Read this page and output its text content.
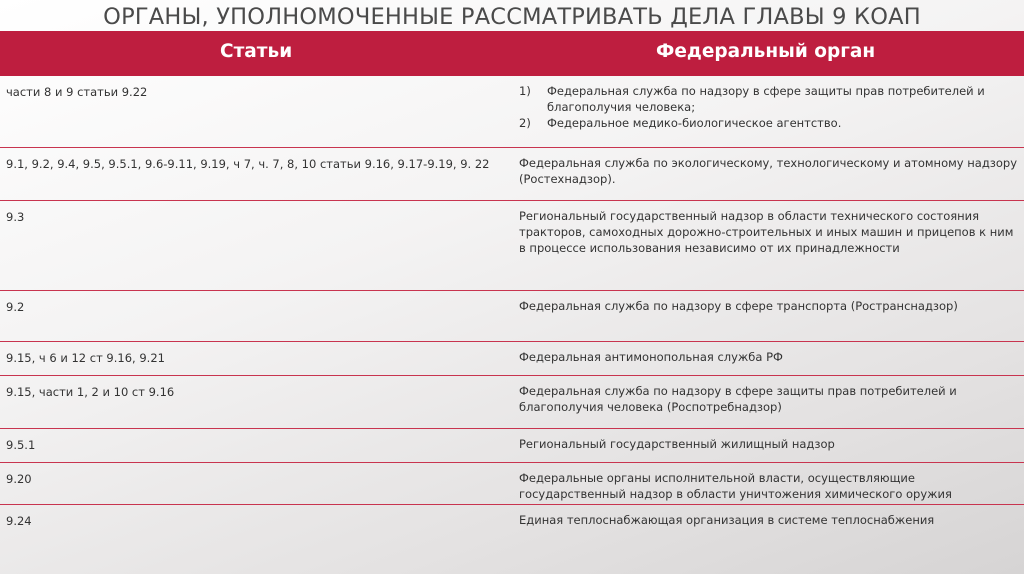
ОРГАНЫ, УПОЛНОМОЧЕННЫЕ РАССМАТРИВАТЬ ДЕЛА ГЛАВЫ 9 КОАП
Статьи	Федеральный орган
части 8 и 9 статьи 9.22	1) Федеральная служба по надзору в сфере защиты прав потребителей и благополучия человека;
2) Федеральное медико-биологическое агентство.
9.1, 9.2, 9.4, 9.5, 9.5.1, 9.6-9.11, 9.19, ч 7, ч. 7, 8, 10 статьи 9.16, 9.17-9.19, 9. 22	Федеральная служба по экологическому, технологическому и атомному надзору (Ростехнадзор).
9.3	Региональный государственный надзор в области технического состояния тракторов, самоходных дорожно-строительных и иных машин и прицепов к ним в процессе использования независимо от их принадлежности
9.2	Федеральная служба по надзору в сфере транспорта (Ространснадзор)
9.15, ч 6 и 12 ст 9.16, 9.21	Федеральная антимонопольная служба РФ
9.15, части 1, 2 и 10 ст 9.16	Федеральная служба по надзору в сфере защиты прав потребителей и благополучия человека (Роспотребнадзор)
9.5.1	Региональный государственный жилищный надзор
9.20	Федеральные органы исполнительной власти, осуществляющие государственный надзор в области уничтожения химического оружия
9.24	Единая теплоснабжающая организация в системе теплоснабжения
